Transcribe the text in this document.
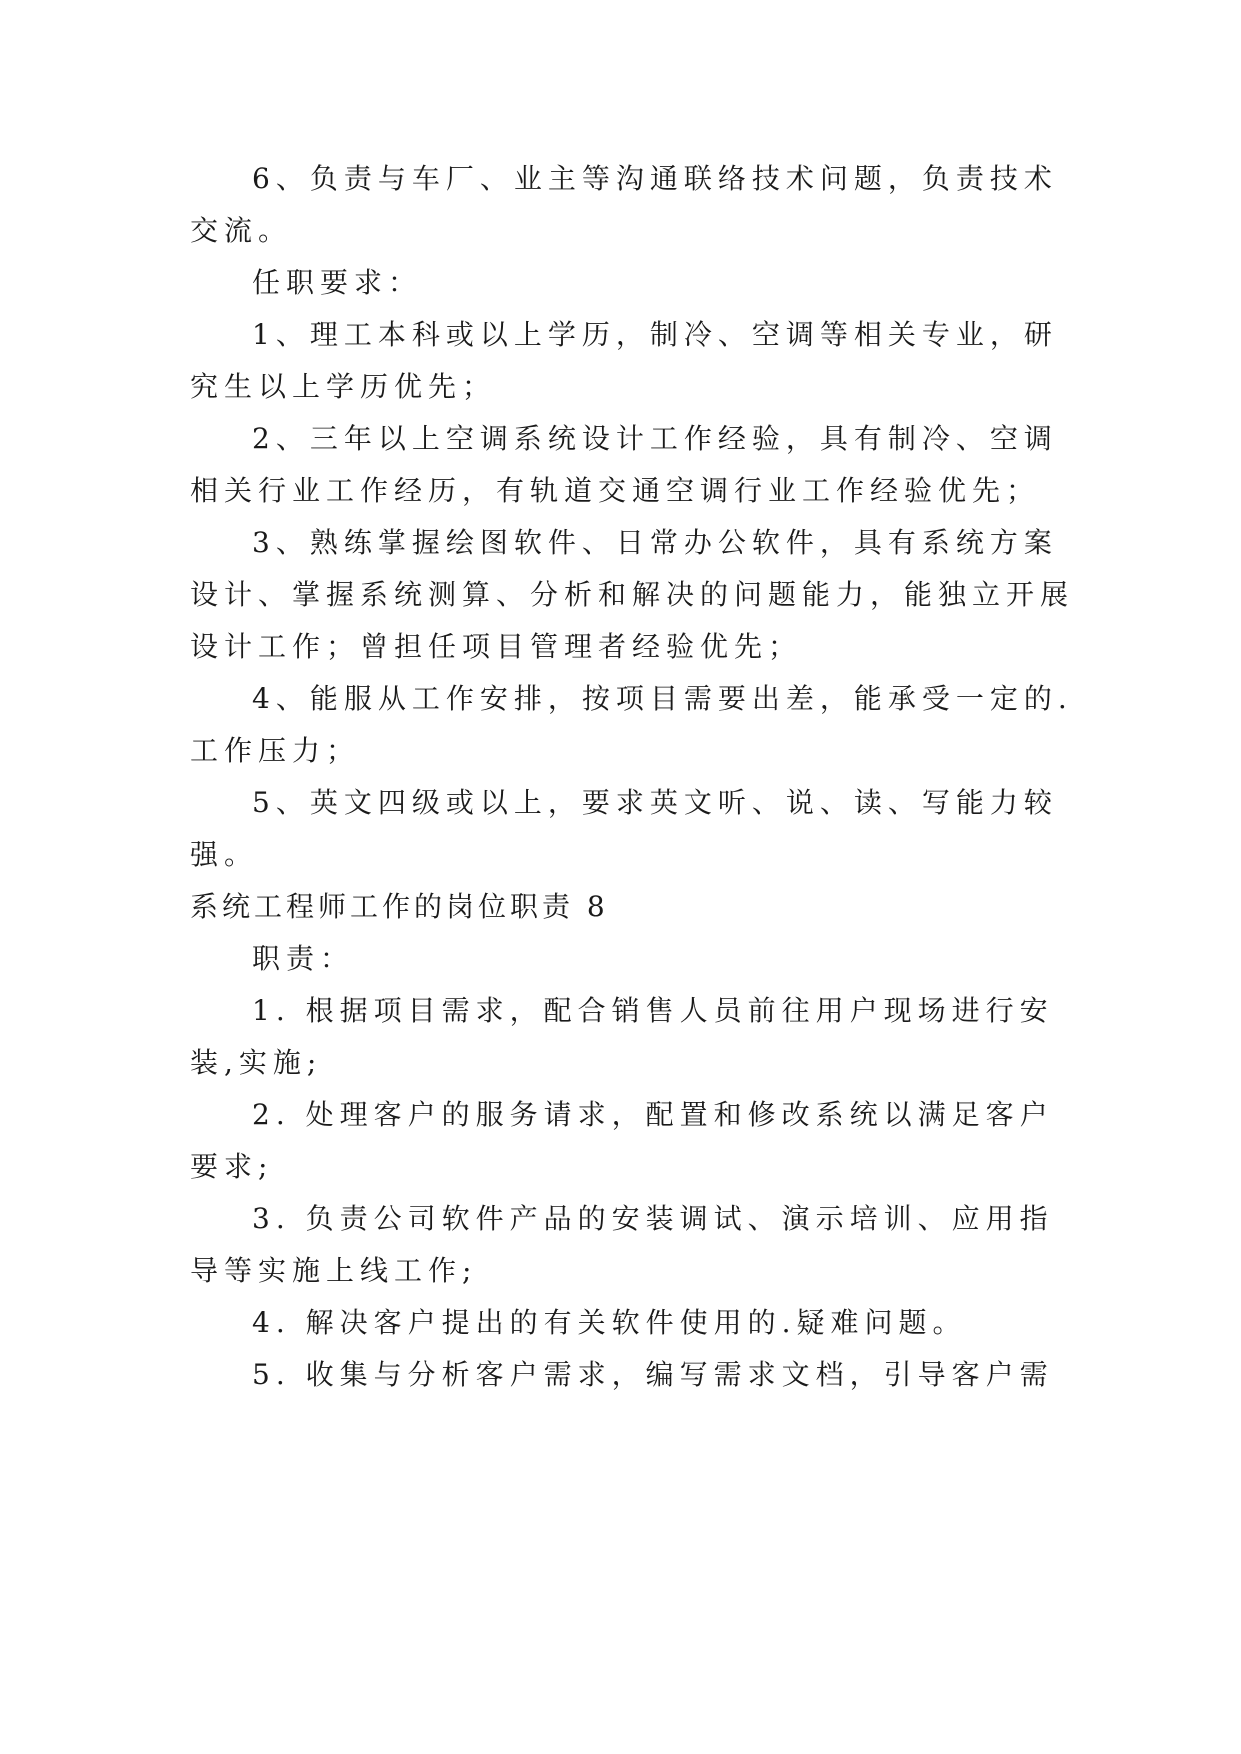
6、负责与车厂、业主等沟通联络技术问题，负责技术
交流。
任职要求：
1、理工本科或以上学历，制冷、空调等相关专业，研
究生以上学历优先；
2、三年以上空调系统设计工作经验，具有制冷、空调
相关行业工作经历，有轨道交通空调行业工作经验优先；
3、熟练掌握绘图软件、日常办公软件，具有系统方案
设计、掌握系统测算、分析和解决的问题能力，能独立开展
设计工作；曾担任项目管理者经验优先；
4、能服从工作安排，按项目需要出差，能承受一定的.
工作压力；
5、英文四级或以上，要求英文听、说、读、写能力较
强。
系统工程师工作的岗位职责 8
职责：
1. 根据项目需求，配合销售人员前往用户现场进行安
装,实施;
2. 处理客户的服务请求，配置和修改系统以满足客户
要求;
3. 负责公司软件产品的安装调试、演示培训、应用指
导等实施上线工作;
4. 解决客户提出的有关软件使用的.疑难问题。
5. 收集与分析客户需求，编写需求文档，引导客户需
